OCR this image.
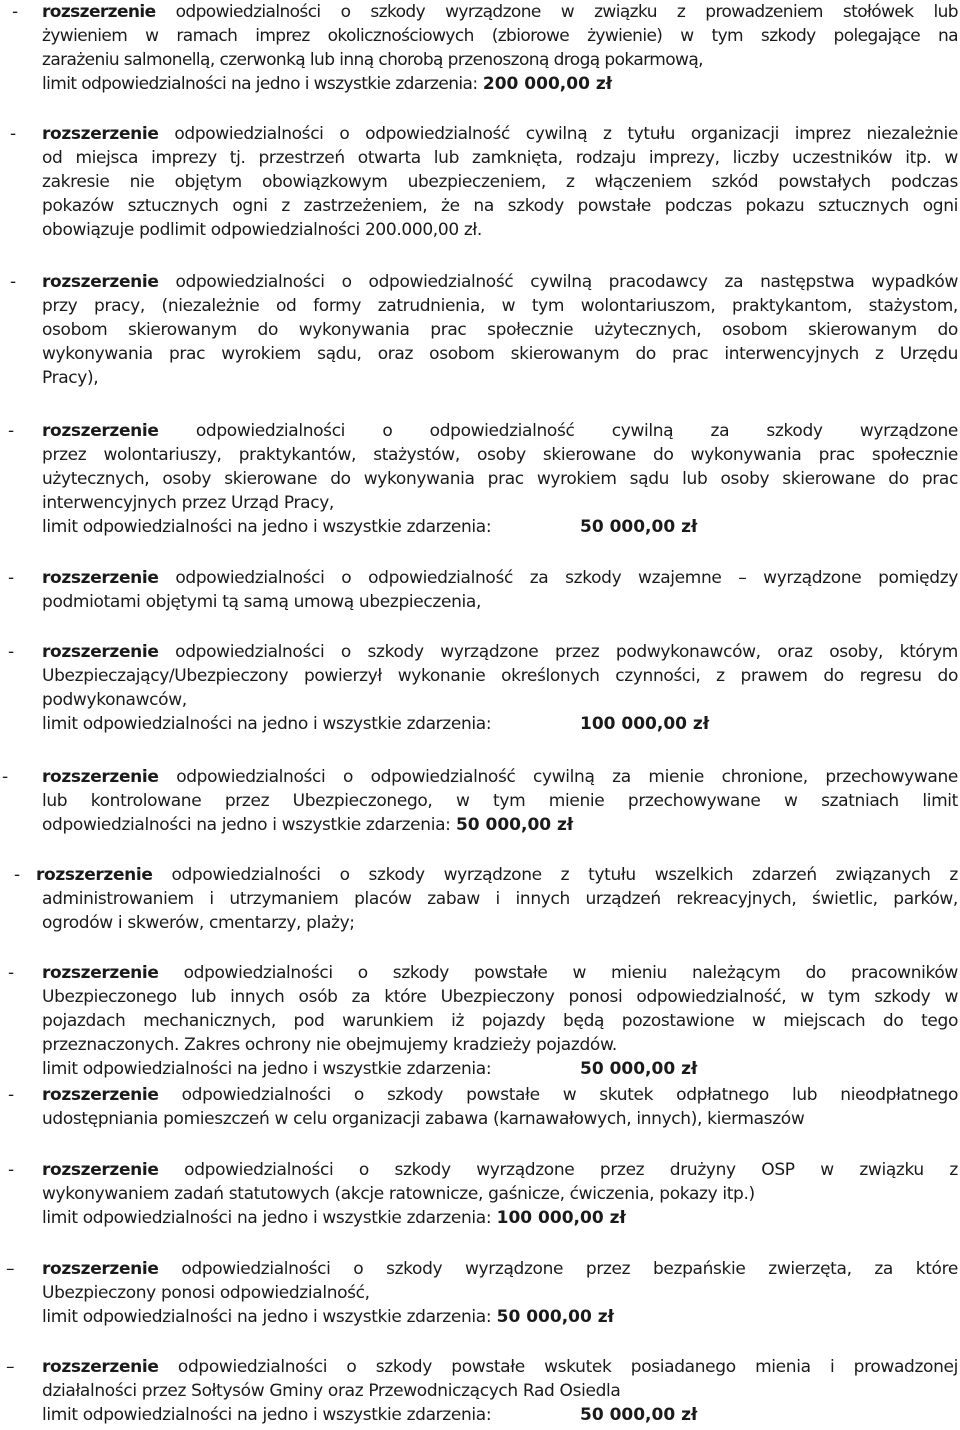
- rozszerzenie odpowiedzialności o szkody wyrządzone w związku z prowadzeniem stołówek lub
żywieniem w ramach imprez okolicznościowych (zbiorowe żywienie) w tym szkody polegające na
zarażeniu salmonellą, czerwonką lub inną chorobą przenoszoną drogą pokarmową,
limit odpowiedzialności na jedno i wszystkie zdarzenia: 200 000,00 zł
- rozszerzenie odpowiedzialności o odpowiedzialność cywilną z tytułu organizacji imprez niezależnie
od miejsca imprezy tj. przestrzeń otwarta lub zamknięta, rodzaju imprezy, liczby uczestników itp. w
zakresie nie objętym obowiązkowym ubezpieczeniem, z włączeniem szkód powstałych podczas
pokazów sztucznych ogni z zastrzeżeniem, że na szkody powstałe podczas pokazu sztucznych ogni
obowiązuje podlimit odpowiedzialności 200.000,00 zł.
- rozszerzenie odpowiedzialności o odpowiedzialność cywilną pracodawcy za następstwa wypadków
przy pracy, (niezależnie od formy zatrudnienia, w tym wolontariuszom, praktykantom, stażystom,
osobom skierowanym do wykonywania prac społecznie użytecznych, osobom skierowanym do
wykonywania prac wyrokiem sądu, oraz osobom skierowanym do prac interwencyjnych z Urzędu
Pracy),
- rozszerzenie odpowiedzialności o odpowiedzialność cywilną za szkody wyrządzone
przez wolontariuszy, praktykantów, stażystów, osoby skierowane do wykonywania prac społecznie
użytecznych, osoby skierowane do wykonywania prac wyrokiem sądu lub osoby skierowane do prac
interwencyjnych przez Urząd Pracy,
limit odpowiedzialności na jedno i wszystkie zdarzenia:	50 000,00 zł
- rozszerzenie odpowiedzialności o odpowiedzialność za szkody wzajemne – wyrządzone pomiędzy
podmiotami objętymi tą samą umową ubezpieczenia,
- rozszerzenie odpowiedzialności o szkody wyrządzone przez podwykonawców, oraz osoby, którym
Ubezpieczający/Ubezpieczony powierzył wykonanie określonych czynności, z prawem do regresu do
podwykonawców,
limit odpowiedzialności na jedno i wszystkie zdarzenia:	100 000,00 zł
- rozszerzenie odpowiedzialności o odpowiedzialność cywilną za mienie chronione, przechowywane
lub kontrolowane przez Ubezpieczonego, w tym mienie przechowywane w szatniach limit
odpowiedzialności na jedno i wszystkie zdarzenia: 50 000,00 zł
- rozszerzenie odpowiedzialności o szkody wyrządzone z tytułu wszelkich zdarzeń związanych z
administrowaniem i utrzymaniem placów zabaw i innych urządzeń rekreacyjnych, świetlic, parków,
ogrodów i skwerów, cmentarzy, plaży;
- rozszerzenie odpowiedzialności o szkody powstałe w mieniu należącym do pracowników
Ubezpieczonego lub innych osób za które Ubezpieczony ponosi odpowiedzialność, w tym szkody w
pojazdach mechanicznych, pod warunkiem iż pojazdy będą pozostawione w miejscach do tego
przeznaczonych. Zakres ochrony nie obejmujemy kradzieży pojazdów.
limit odpowiedzialności na jedno i wszystkie zdarzenia:	50 000,00 zł
- rozszerzenie odpowiedzialności o szkody powstałe w skutek odpłatnego lub nieodpłatnego
udostępniania pomieszczeń w celu organizacji zabawa (karnawałowych, innych), kiermaszów
- rozszerzenie odpowiedzialności o szkody wyrządzone przez drużyny OSP w związku z
wykonywaniem zadań statutowych (akcje ratownicze, gaśnicze, ćwiczenia, pokazy itp.)
limit odpowiedzialności na jedno i wszystkie zdarzenia: 100 000,00 zł
– rozszerzenie odpowiedzialności o szkody wyrządzone przez bezpańskie zwierzęta, za które
Ubezpieczony ponosi odpowiedzialność,
limit odpowiedzialności na jedno i wszystkie zdarzenia: 50 000,00 zł
– rozszerzenie odpowiedzialności o szkody powstałe wskutek posiadanego mienia i prowadzonej
działalności przez Sołtysów Gminy oraz Przewodniczących Rad Osiedla
limit odpowiedzialności na jedno i wszystkie zdarzenia:	50 000,00 zł
